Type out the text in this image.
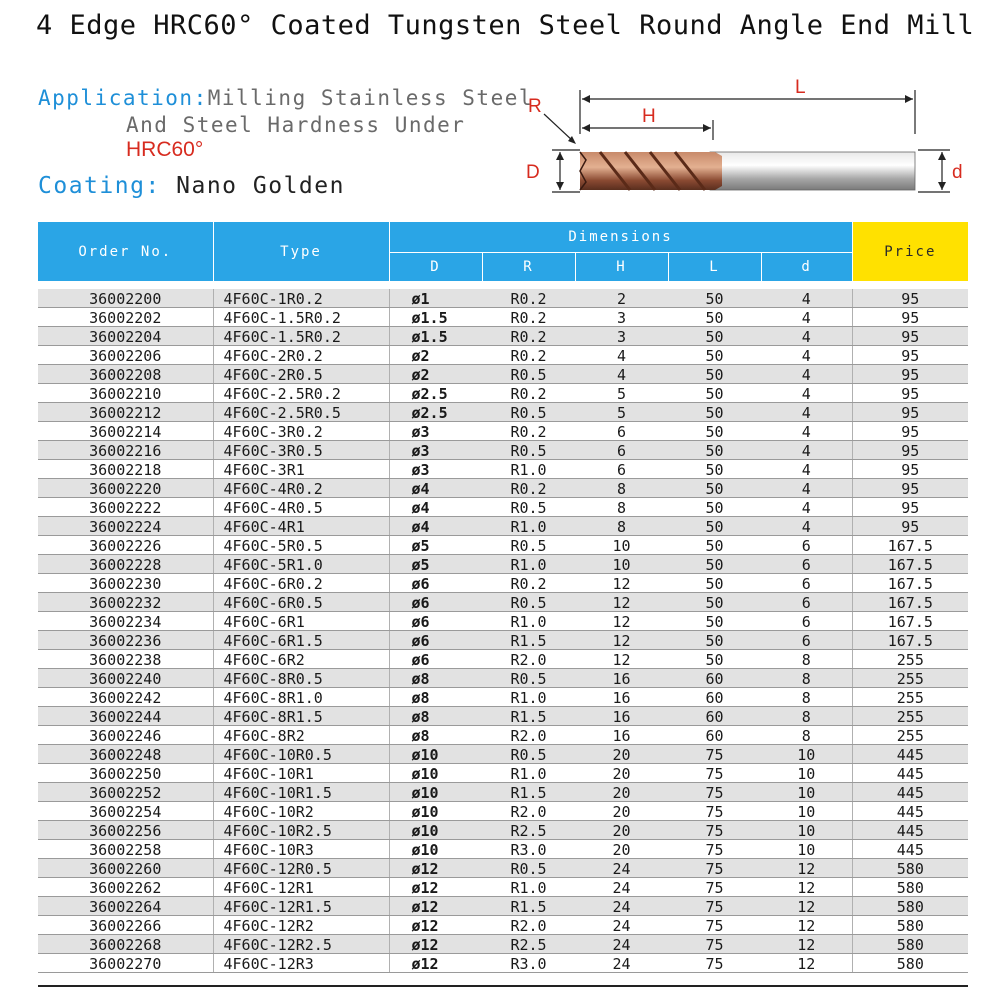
4 Edge HRC60° Coated Tungsten Steel Round Angle End Mill
Application:Milling Stainless Steel
And Steel Hardness Under
HRC60°
Coating: Nano Golden
L
H
R
D	d
Order No.	Type	Dimensions					Price
		D	R	H	L	d	

36002200	4F60C-1R0.2	ø1	R0.2	2	50	4	95
36002202	4F60C-1.5R0.2	ø1.5	R0.2	3	50	4	95
36002204	4F60C-1.5R0.2	ø1.5	R0.2	3	50	4	95
36002206	4F60C-2R0.2	ø2	R0.2	4	50	4	95
36002208	4F60C-2R0.5	ø2	R0.5	4	50	4	95
36002210	4F60C-2.5R0.2	ø2.5	R0.2	5	50	4	95
36002212	4F60C-2.5R0.5	ø2.5	R0.5	5	50	4	95
36002214	4F60C-3R0.2	ø3	R0.2	6	50	4	95
36002216	4F60C-3R0.5	ø3	R0.5	6	50	4	95
36002218	4F60C-3R1	ø3	R1.0	6	50	4	95
36002220	4F60C-4R0.2	ø4	R0.2	8	50	4	95
36002222	4F60C-4R0.5	ø4	R0.5	8	50	4	95
36002224	4F60C-4R1	ø4	R1.0	8	50	4	95
36002226	4F60C-5R0.5	ø5	R0.5	10	50	6	167.5
36002228	4F60C-5R1.0	ø5	R1.0	10	50	6	167.5
36002230	4F60C-6R0.2	ø6	R0.2	12	50	6	167.5
36002232	4F60C-6R0.5	ø6	R0.5	12	50	6	167.5
36002234	4F60C-6R1	ø6	R1.0	12	50	6	167.5
36002236	4F60C-6R1.5	ø6	R1.5	12	50	6	167.5
36002238	4F60C-6R2	ø6	R2.0	12	50	8	255
36002240	4F60C-8R0.5	ø8	R0.5	16	60	8	255
36002242	4F60C-8R1.0	ø8	R1.0	16	60	8	255
36002244	4F60C-8R1.5	ø8	R1.5	16	60	8	255
36002246	4F60C-8R2	ø8	R2.0	16	60	8	255
36002248	4F60C-10R0.5	ø10	R0.5	20	75	10	445
36002250	4F60C-10R1	ø10	R1.0	20	75	10	445
36002252	4F60C-10R1.5	ø10	R1.5	20	75	10	445
36002254	4F60C-10R2	ø10	R2.0	20	75	10	445
36002256	4F60C-10R2.5	ø10	R2.5	20	75	10	445
36002258	4F60C-10R3	ø10	R3.0	20	75	10	445
36002260	4F60C-12R0.5	ø12	R0.5	24	75	12	580
36002262	4F60C-12R1	ø12	R1.0	24	75	12	580
36002264	4F60C-12R1.5	ø12	R1.5	24	75	12	580
36002266	4F60C-12R2	ø12	R2.0	24	75	12	580
36002268	4F60C-12R2.5	ø12	R2.5	24	75	12	580
36002270	4F60C-12R3	ø12	R3.0	24	75	12	580
